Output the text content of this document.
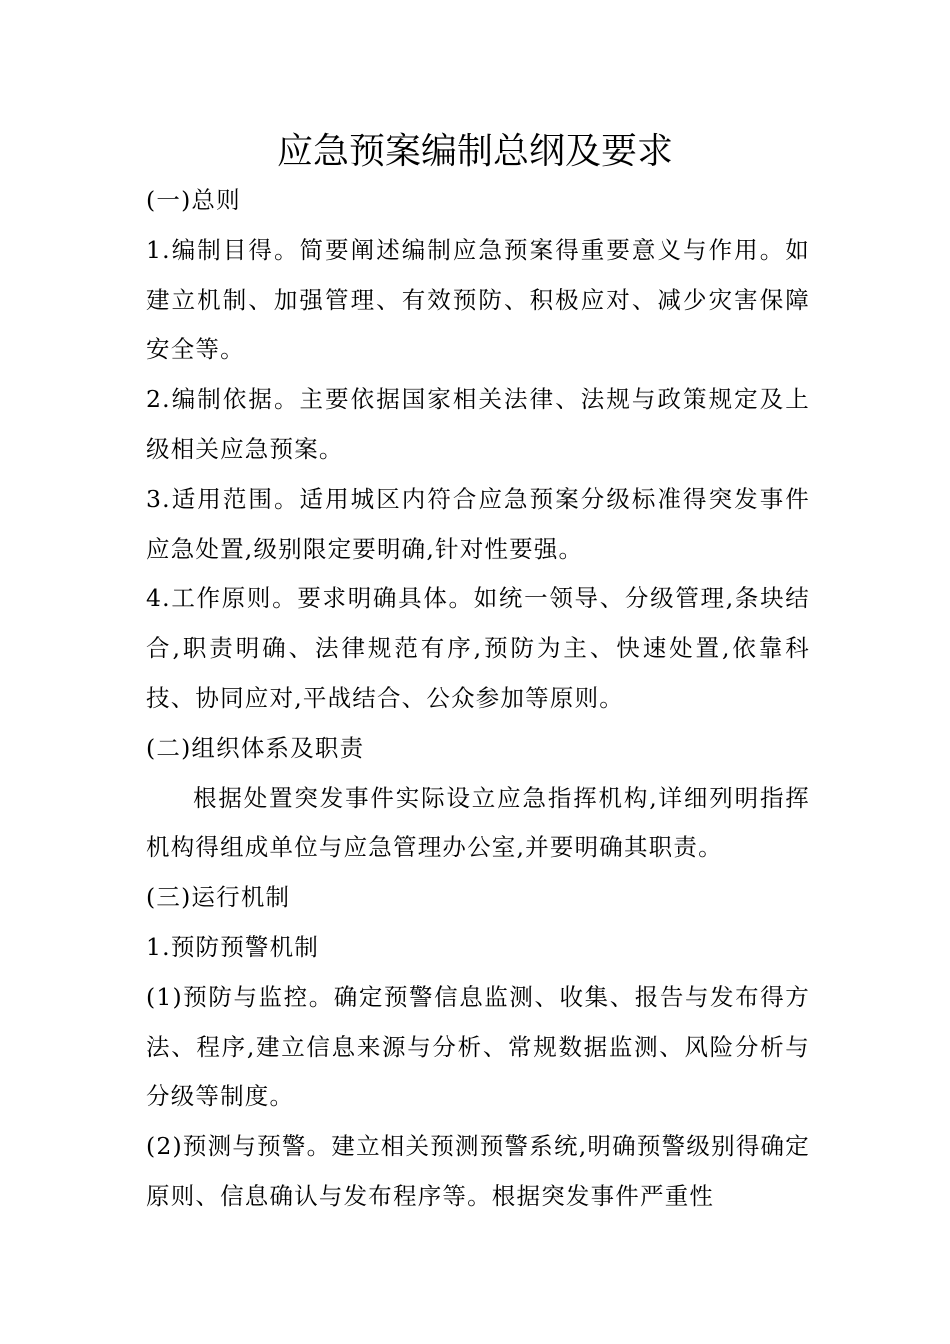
应急预案编制总纲及要求

(一)总则

1.编制目得。简要阐述编制应急预案得重要意义与作用。如建立机制、加强管理、有效预防、积极应对、减少灾害保障安全等。

2.编制依据。主要依据国家相关法律、法规与政策规定及上级相关应急预案。

3.适用范围。适用城区内符合应急预案分级标准得突发事件应急处置,级别限定要明确,针对性要强。

4.工作原则。要求明确具体。如统一领导、分级管理,条块结合,职责明确、法律规范有序,预防为主、快速处置,依靠科技、协同应对,平战结合、公众参加等原则。

(二)组织体系及职责

根据处置突发事件实际设立应急指挥机构,详细列明指挥机构得组成单位与应急管理办公室,并要明确其职责。

(三)运行机制

1.预防预警机制

(1)预防与监控。确定预警信息监测、收集、报告与发布得方法、程序,建立信息来源与分析、常规数据监测、风险分析与分级等制度。

(2)预测与预警。建立相关预测预警系统,明确预警级别得确定原则、信息确认与发布程序等。根据突发事件严重性
